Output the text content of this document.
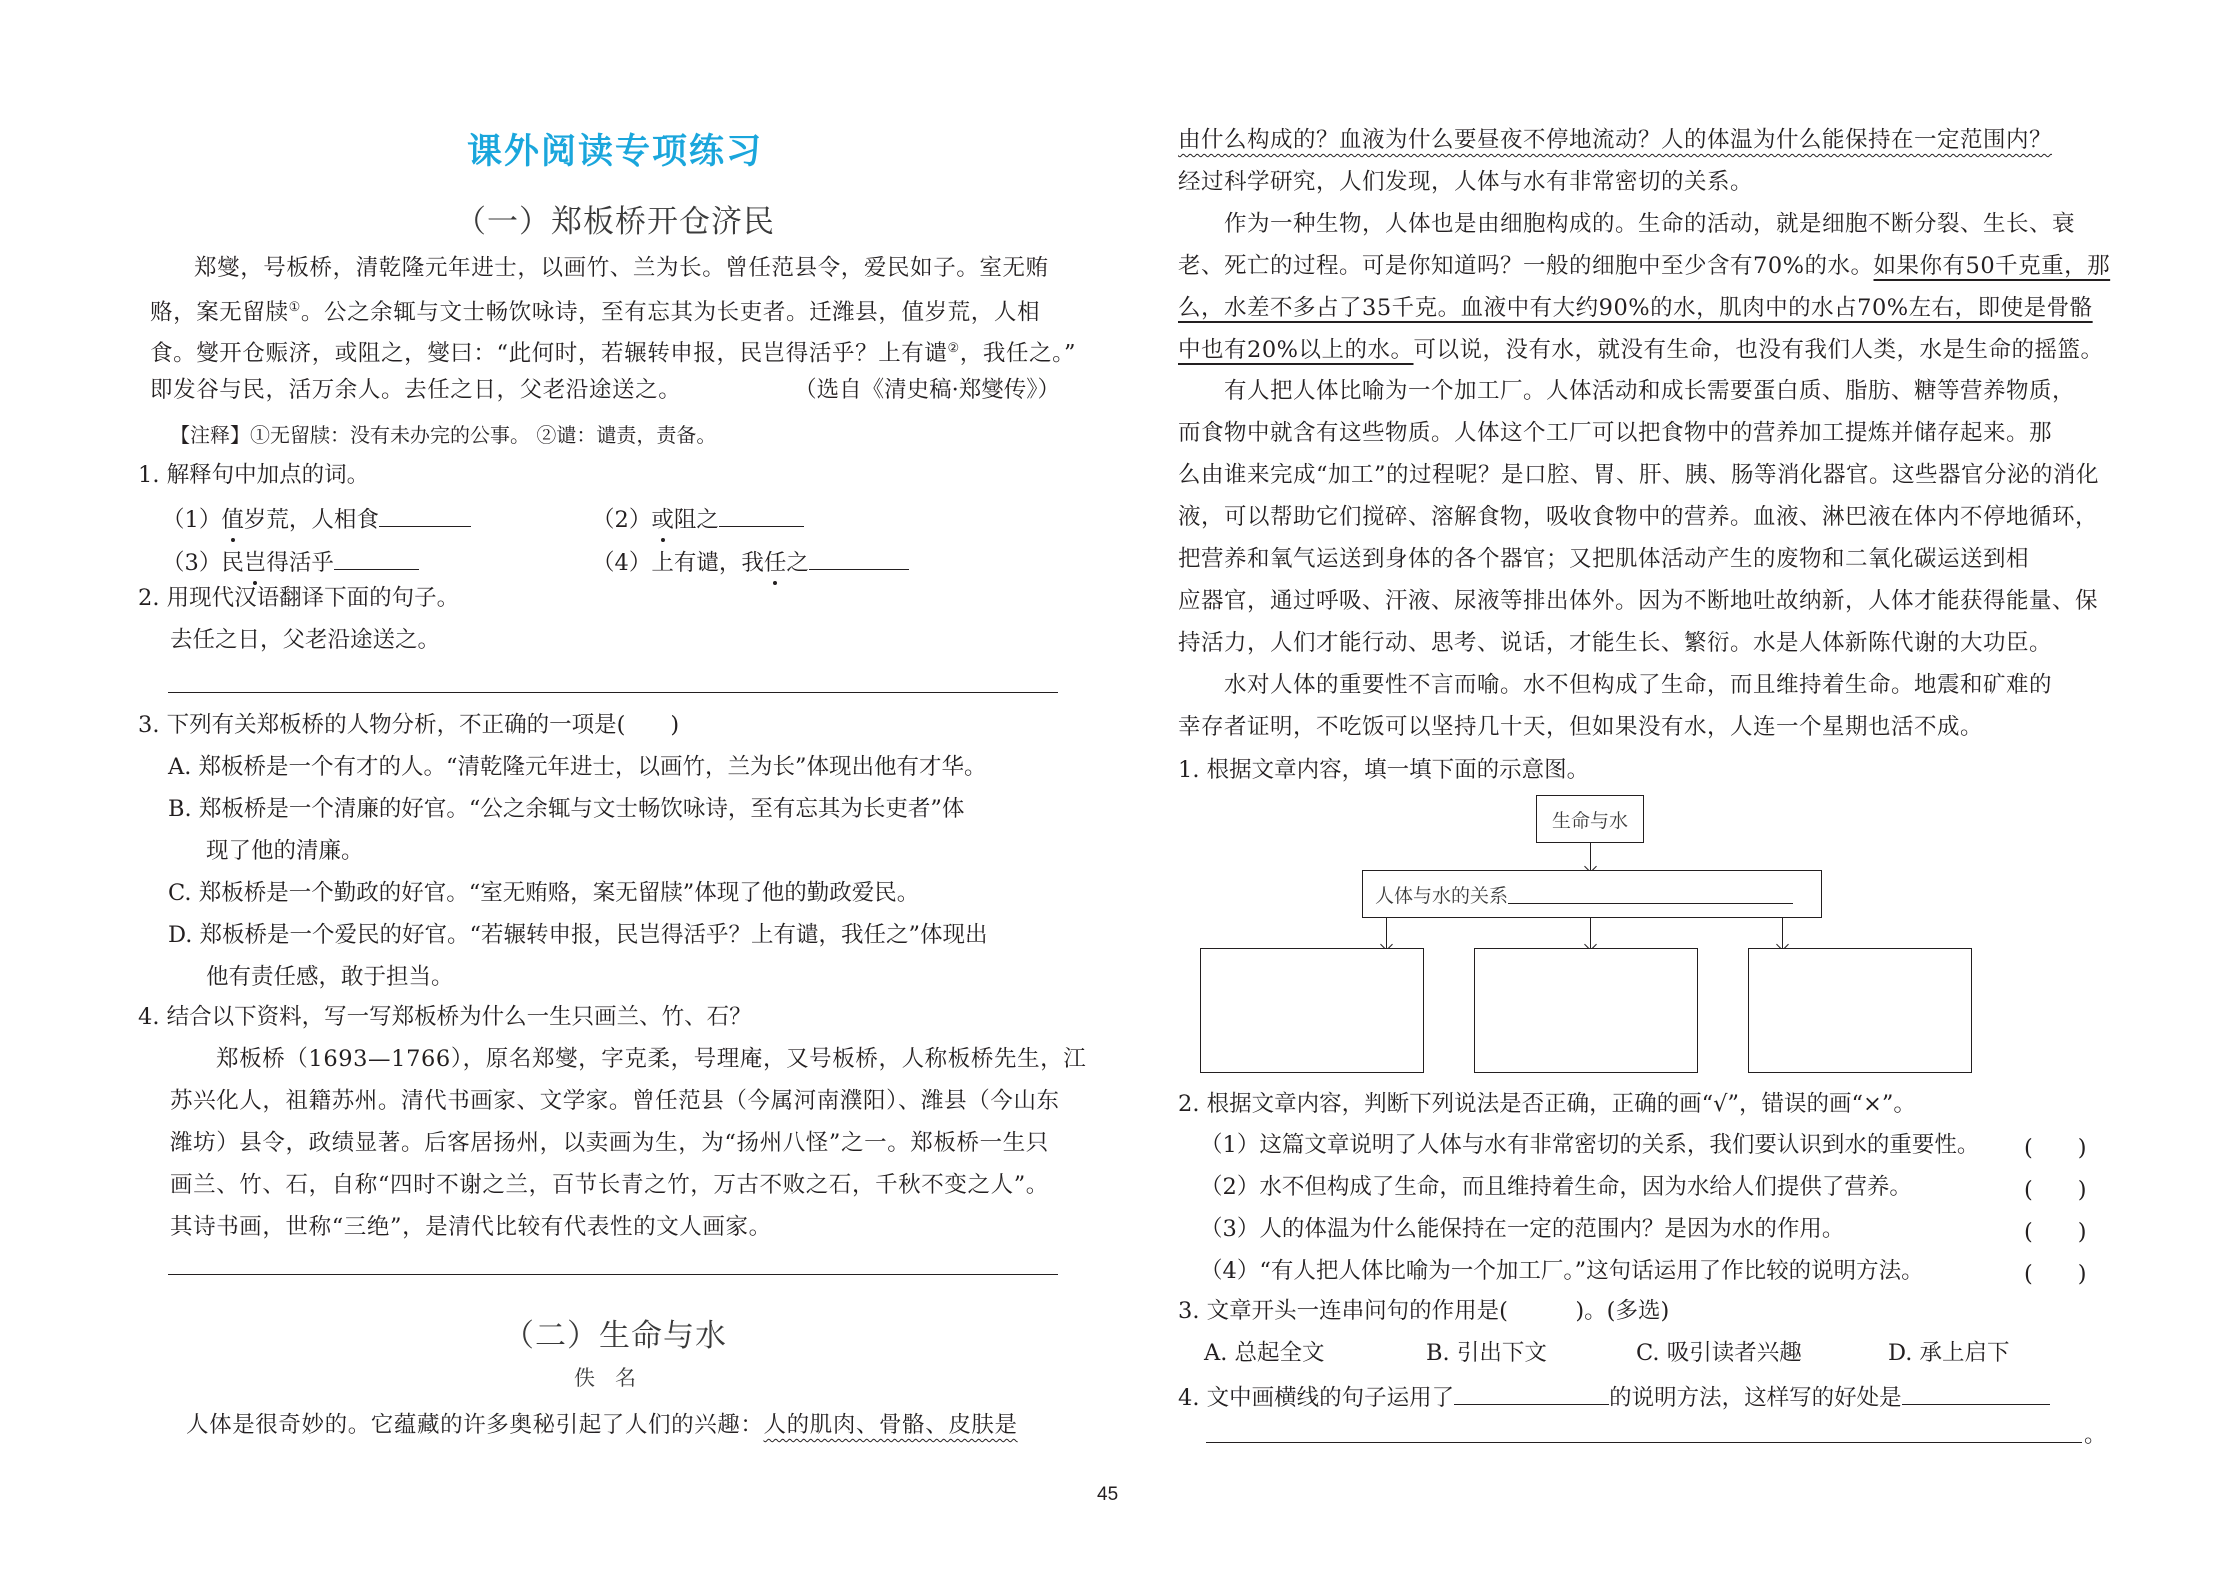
课外阅读专项练习
（一）郑板桥开仓济民
郑燮，号板桥，清乾隆元年进士，以画竹、兰为长。曾任范县令，爱民如子。室无贿
赂，案无留牍①。公之余辄与文士畅饮咏诗，至有忘其为长吏者。迁潍县，值岁荒，人相
食。燮开仓赈济，或阻之，燮曰：“此何时，若辗转申报，民岂得活乎？上有谴②，我任之。”
即发谷与民，活万余人。去任之日，父老沿途送之。	（选自《清史稿·郑燮传》）
【注释】①无留牍：没有未办完的公事。 ②谴：谴责，责备。
1. 解释句中加点的词。
（1）值岁荒，人相食	（2）或阻之
（3）民岂得活乎	（4）上有谴，我任之
2. 用现代汉语翻译下面的句子。
去任之日，父老沿途送之。
3. 下列有关郑板桥的人物分析，不正确的一项是(　　)
A. 郑板桥是一个有才的人。“清乾隆元年进士，以画竹，兰为长”体现出他有才华。
B. 郑板桥是一个清廉的好官。“公之余辄与文士畅饮咏诗，至有忘其为长吏者”体
现了他的清廉。
C. 郑板桥是一个勤政的好官。“室无贿赂，案无留牍”体现了他的勤政爱民。
D. 郑板桥是一个爱民的好官。“若辗转申报，民岂得活乎？上有谴，我任之”体现出
他有责任感，敢于担当。
4. 结合以下资料，写一写郑板桥为什么一生只画兰、竹、石？
郑板桥（1693—1766），原名郑燮，字克柔，号理庵，又号板桥，人称板桥先生，江
苏兴化人，祖籍苏州。清代书画家、文学家。曾任范县（今属河南濮阳）、潍县（今山东
潍坊）县令，政绩显著。后客居扬州，以卖画为生，为“扬州八怪”之一。郑板桥一生只
画兰、竹、石，自称“四时不谢之兰，百节长青之竹，万古不败之石，千秋不变之人”。
其诗书画，世称“三绝”，是清代比较有代表性的文人画家。
（二）生命与水
佚名
人体是很奇妙的。它蕴藏的许多奥秘引起了人们的兴趣：人的肌肉、骨骼、皮肤是
由什么构成的？血液为什么要昼夜不停地流动？人的体温为什么能保持在一定范围内？
经过科学研究，人们发现，人体与水有非常密切的关系。
作为一种生物，人体也是由细胞构成的。生命的活动，就是细胞不断分裂、生长、衰
老、死亡的过程。可是你知道吗？一般的细胞中至少含有70%的水。如果你有50千克重，那
么，水差不多占了35千克。血液中有大约90%的水，肌肉中的水占70%左右，即使是骨骼
中也有20%以上的水。可以说，没有水，就没有生命，也没有我们人类，水是生命的摇篮。
有人把人体比喻为一个加工厂。人体活动和成长需要蛋白质、脂肪、糖等营养物质，
而食物中就含有这些物质。人体这个工厂可以把食物中的营养加工提炼并储存起来。那
么由谁来完成“加工”的过程呢？是口腔、胃、肝、胰、肠等消化器官。这些器官分泌的消化
液，可以帮助它们搅碎、溶解食物，吸收食物中的营养。血液、淋巴液在体内不停地循环，
把营养和氧气运送到身体的各个器官；又把肌体活动产生的废物和二氧化碳运送到相
应器官，通过呼吸、汗液、尿液等排出体外。因为不断地吐故纳新，人体才能获得能量、保
持活力，人们才能行动、思考、说话，才能生长、繁衍。水是人体新陈代谢的大功臣。
水对人体的重要性不言而喻。水不但构成了生命，而且维持着生命。地震和矿难的
幸存者证明，不吃饭可以坚持几十天，但如果没有水，人连一个星期也活不成。
1. 根据文章内容，填一填下面的示意图。
生命与水
人体与水的关系
2. 根据文章内容，判断下列说法是否正确，正确的画“√”，错误的画“×”。
（1）这篇文章说明了人体与水有非常密切的关系，我们要认识到水的重要性。 (　　)
（2）水不但构成了生命，而且维持着生命，因为水给人们提供了营养。	(　　)
（3）人的体温为什么能保持在一定的范围内？是因为水的作用。	(　　)
（4）“有人把人体比喻为一个加工厂。”这句话运用了作比较的说明方法。	(　　)
3. 文章开头一连串问句的作用是(　　　)。(多选)
A. 总起全文	B. 引出下文	C. 吸引读者兴趣	D. 承上启下
4. 文中画横线的句子运用了	的说明方法，这样写的好处是
。
45
